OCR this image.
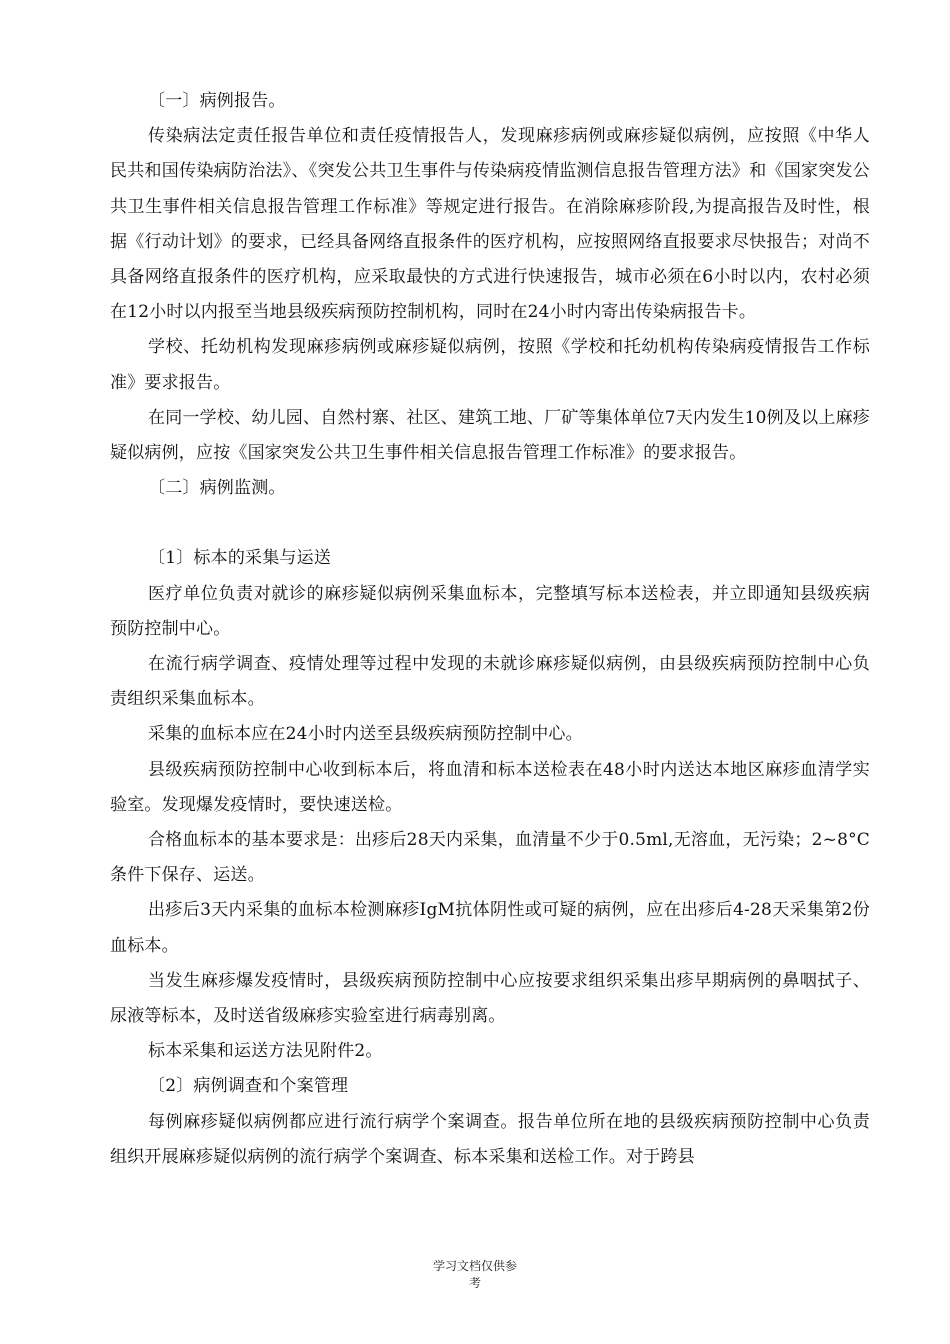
〔一〕病例报告。

传染病法定责任报告单位和责任疫情报告人，发现麻疹病例或麻疹疑似病例，应按照《中华人民共和国传染病防治法》、《突发公共卫生事件与传染病疫情监测信息报告管理方法》和《国家突发公共卫生事件相关信息报告管理工作标准》等规定进行报告。在消除麻疹阶段,为提高报告及时性，根据《行动计划》的要求，已经具备网络直报条件的医疗机构，应按照网络直报要求尽快报告；对尚不具备网络直报条件的医疗机构，应采取最快的方式进行快速报告，城市必须在6小时以内，农村必须在12小时以内报至当地县级疾病预防控制机构，同时在24小时内寄出传染病报告卡。

学校、托幼机构发现麻疹病例或麻疹疑似病例，按照《学校和托幼机构传染病疫情报告工作标准》要求报告。

在同一学校、幼儿园、自然村寨、社区、建筑工地、厂矿等集体单位7天内发生10例及以上麻疹疑似病例，应按《国家突发公共卫生事件相关信息报告管理工作标准》的要求报告。

〔二〕病例监测。

〔1〕标本的采集与运送

医疗单位负责对就诊的麻疹疑似病例采集血标本，完整填写标本送检表，并立即通知县级疾病预防控制中心。

在流行病学调查、疫情处理等过程中发现的未就诊麻疹疑似病例，由县级疾病预防控制中心负责组织采集血标本。

采集的血标本应在24小时内送至县级疾病预防控制中心。

县级疾病预防控制中心收到标本后，将血清和标本送检表在48小时内送达本地区麻疹血清学实验室。发现爆发疫情时，要快速送检。

合格血标本的基本要求是：出疹后28天内采集，血清量不少于0.5ml,无溶血，无污染；2~8°C条件下保存、运送。

出疹后3天内采集的血标本检测麻疹IgM抗体阴性或可疑的病例，应在出疹后4-28天采集第2份血标本。

当发生麻疹爆发疫情时，县级疾病预防控制中心应按要求组织采集出疹早期病例的鼻咽拭子、尿液等标本，及时送省级麻疹实验室进行病毒别离。

标本采集和运送方法见附件2。

〔2〕病例调查和个案管理

每例麻疹疑似病例都应进行流行病学个案调查。报告单位所在地的县级疾病预防控制中心负责组织开展麻疹疑似病例的流行病学个案调查、标本采集和送检工作。对于跨县

学习文档仅供参
考
